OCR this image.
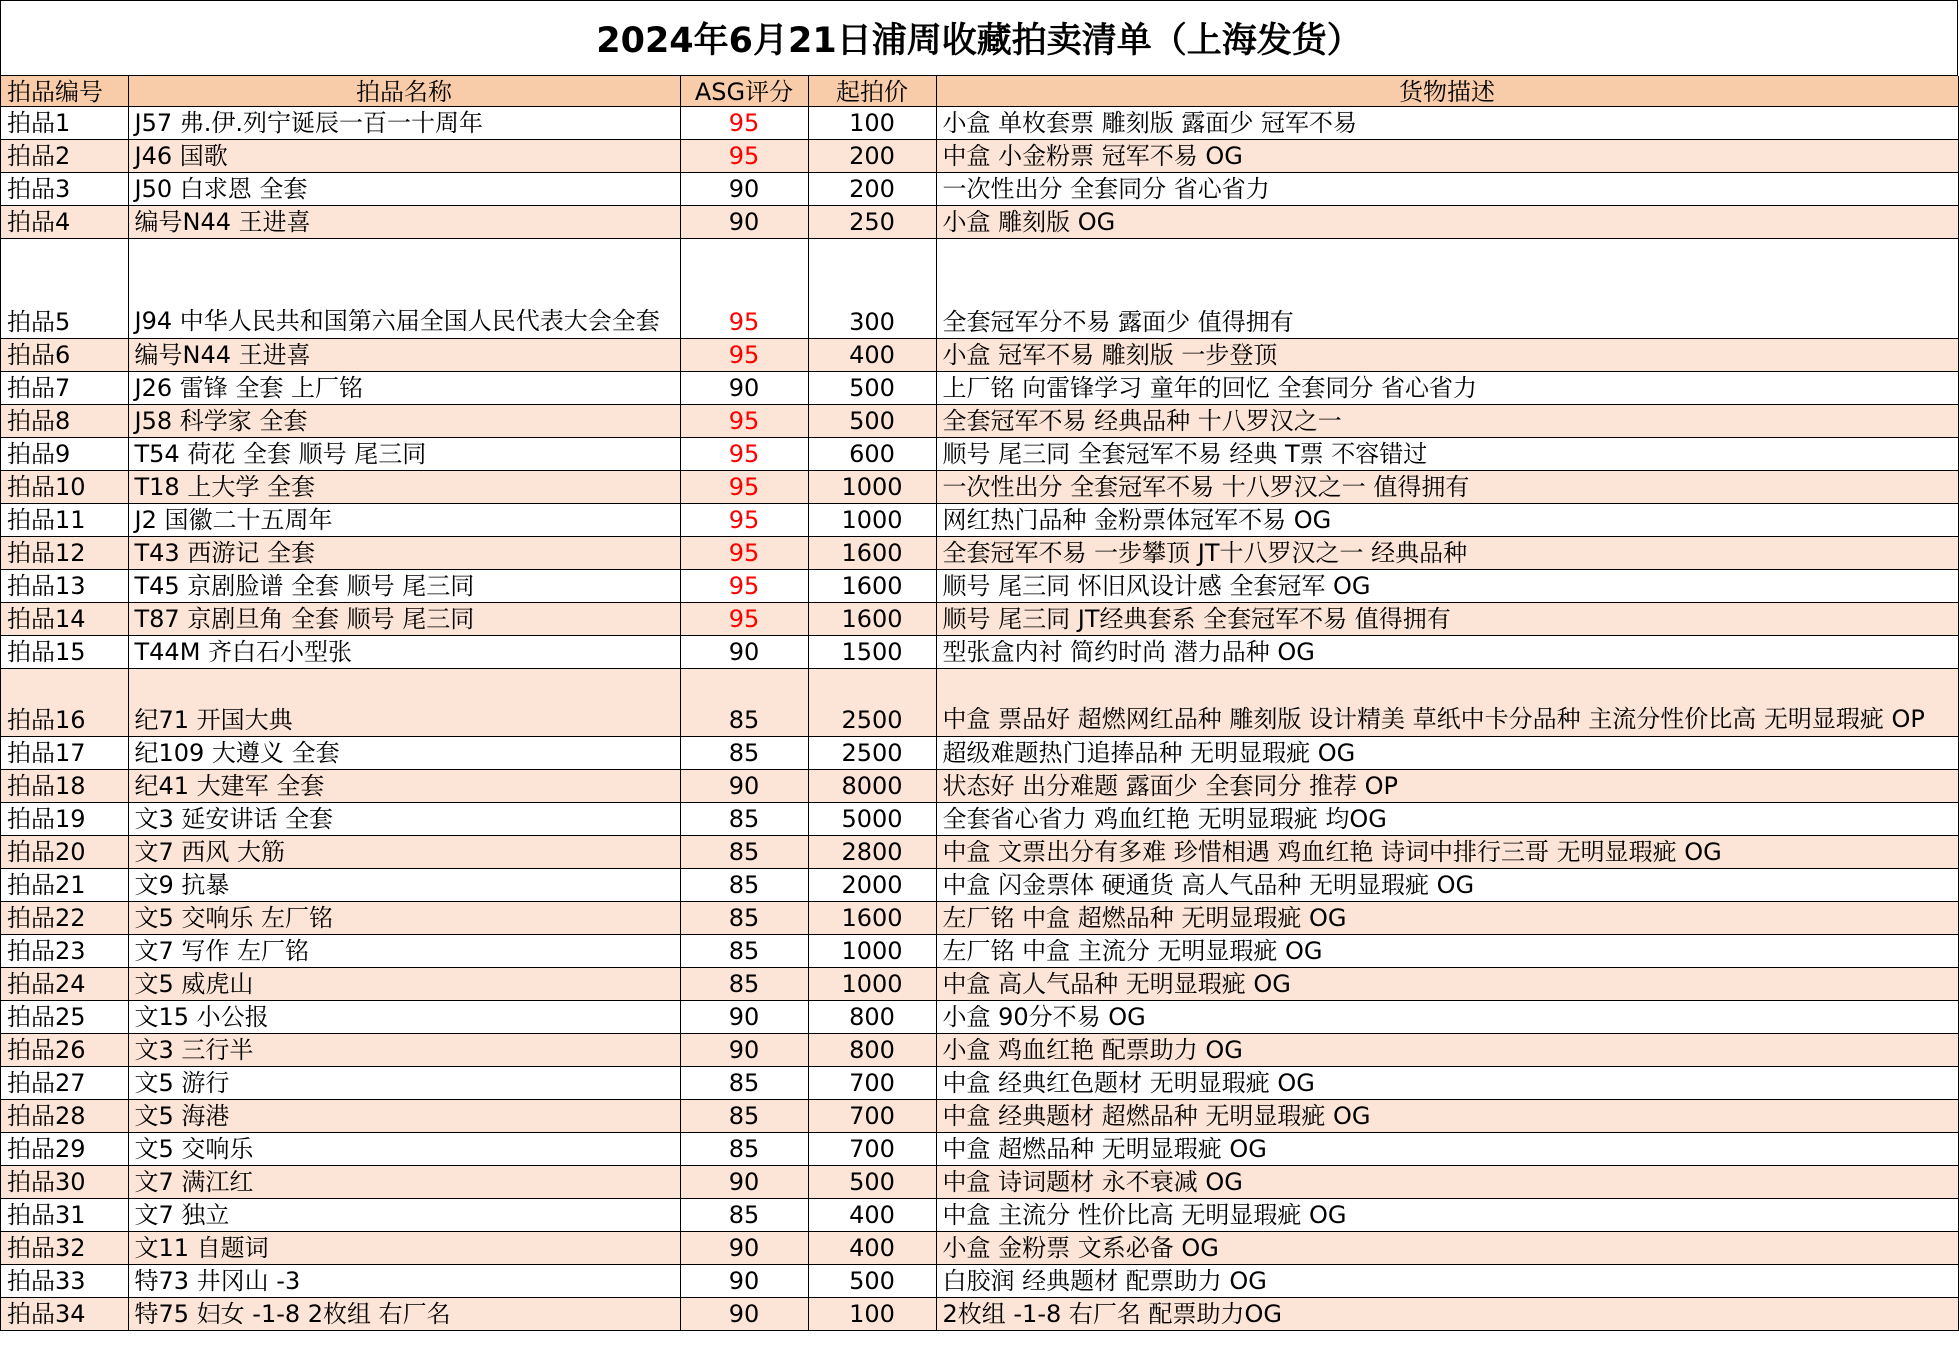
2024年6月21日浦周收藏拍卖清单（上海发货）
拍品编号	拍品名称	ASG评分	起拍价	货物描述
拍品1	J57 弗.伊.列宁诞辰一百一十周年	95	100	小盒 单枚套票 雕刻版 露面少 冠军不易
拍品2	J46 国歌	95	200	中盒 小金粉票 冠军不易 OG
拍品3	J50 白求恩 全套	90	200	一次性出分 全套同分 省心省力
拍品4	编号N44 王进喜	90	250	小盒 雕刻版 OG
拍品5	J94 中华人民共和国第六届全国人民代表大会全套	95	300	全套冠军分不易 露面少 值得拥有
拍品6	编号N44 王进喜	95	400	小盒 冠军不易 雕刻版 一步登顶
拍品7	J26 雷锋 全套 上厂铭	90	500	上厂铭 向雷锋学习 童年的回忆 全套同分 省心省力
拍品8	J58 科学家 全套	95	500	全套冠军不易 经典品种 十八罗汉之一
拍品9	T54 荷花 全套 顺号 尾三同	95	600	顺号 尾三同 全套冠军不易 经典 T票 不容错过
拍品10	T18 上大学 全套	95	1000	一次性出分 全套冠军不易 十八罗汉之一 值得拥有
拍品11	J2 国徽二十五周年	95	1000	网红热门品种 金粉票体冠军不易 OG
拍品12	T43 西游记 全套	95	1600	全套冠军不易 一步攀顶 JT十八罗汉之一 经典品种
拍品13	T45 京剧脸谱 全套 顺号 尾三同	95	1600	顺号 尾三同 怀旧风设计感 全套冠军 OG
拍品14	T87 京剧旦角 全套 顺号 尾三同	95	1600	顺号 尾三同 JT经典套系 全套冠军不易 值得拥有
拍品15	T44M 齐白石小型张	90	1500	型张盒内衬 简约时尚 潜力品种 OG
拍品16	纪71 开国大典	85	2500	中盒 票品好 超燃网红品种 雕刻版 设计精美 草纸中卡分品种 主流分性价比高 无明显瑕疵 OP
拍品17	纪109 大遵义 全套	85	2500	超级难题热门追捧品种 无明显瑕疵 OG
拍品18	纪41 大建军 全套	90	8000	状态好 出分难题 露面少 全套同分 推荐 OP
拍品19	文3 延安讲话 全套	85	5000	全套省心省力 鸡血红艳 无明显瑕疵 均OG
拍品20	文7 西风 大筋	85	2800	中盒 文票出分有多难 珍惜相遇 鸡血红艳 诗词中排行三哥 无明显瑕疵 OG
拍品21	文9 抗暴	85	2000	中盒 闪金票体 硬通货 高人气品种 无明显瑕疵 OG
拍品22	文5 交响乐 左厂铭	85	1600	左厂铭 中盒 超燃品种 无明显瑕疵 OG
拍品23	文7 写作 左厂铭	85	1000	左厂铭 中盒 主流分 无明显瑕疵 OG
拍品24	文5 威虎山	85	1000	中盒 高人气品种 无明显瑕疵 OG
拍品25	文15 小公报	90	800	小盒 90分不易 OG
拍品26	文3 三行半	90	800	小盒 鸡血红艳 配票助力 OG
拍品27	文5 游行	85	700	中盒 经典红色题材 无明显瑕疵 OG
拍品28	文5 海港	85	700	中盒 经典题材 超燃品种 无明显瑕疵 OG
拍品29	文5 交响乐	85	700	中盒 超燃品种 无明显瑕疵 OG
拍品30	文7 满江红	90	500	中盒 诗词题材 永不衰减 OG
拍品31	文7 独立	85	400	中盒 主流分 性价比高 无明显瑕疵 OG
拍品32	文11 自题词	90	400	小盒 金粉票 文系必备 OG
拍品33	特73 井冈山 -3	90	500	白胶润 经典题材 配票助力 OG
拍品34	特75 妇女 -1-8 2枚组 右厂名	90	100	2枚组 -1-8 右厂名 配票助力OG
